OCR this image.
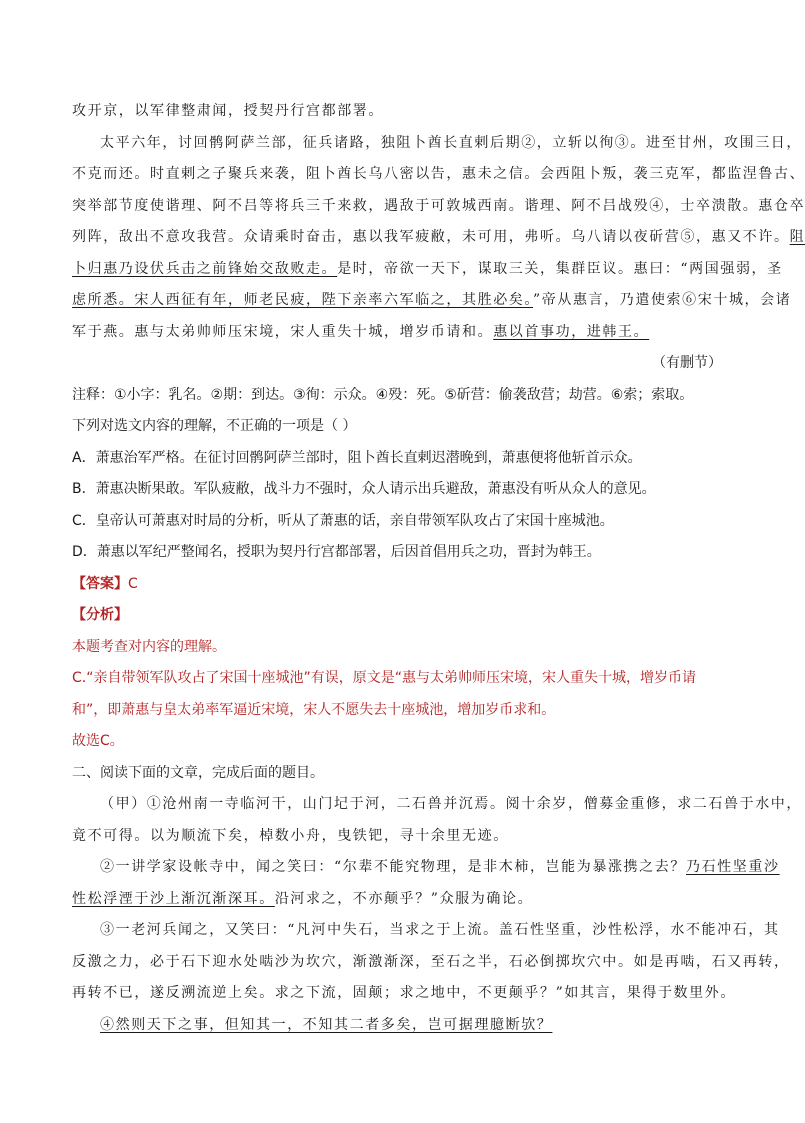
攻开京，以军律整肃闻，授契丹行宫都部署。
太平六年，讨回鹘阿萨兰部，征兵诸路，独阻卜酋长直剌后期②，立斩以徇③。进至甘州，攻围三日，
不克而还。时直剌之子聚兵来袭，阻卜酋长乌八密以告，惠未之信。会西阻卜叛，袭三克军，都监涅鲁古、
突举部节度使谐理、阿不吕等将兵三千来救，遇敌于可敦城西南。谐理、阿不吕战殁④，士卒溃散。惠仓卒
列阵，敌出不意攻我营。众请乘时奋击，惠以我军疲敝，未可用，弗听。乌八请以夜斫营⑤，惠又不许。阻
卜归惠乃设伏兵击之前锋始交敌败走。是时，帝欲一天下，谋取三关，集群臣议。惠曰：“两国强弱，圣
虑所悉。宋人西征有年，师老民疲，陛下亲率六军临之，其胜必矣。”帝从惠言，乃遣使索⑥宋十城，会诸
军于燕。惠与太弟帅师压宋境，宋人重失十城，增岁币请和。惠以首事功，进韩王。
（有删节）
注释：①小字：乳名。②期：到达。③徇：示众。④殁：死。⑤斫营：偷袭敌营；劫营。⑥索；索取。
下列对选文内容的理解，不正确的一项是（ ）
A．萧惠治军严格。在征讨回鹘阿萨兰部时，阻卜酋长直剌迟潜晚到，萧惠便将他斩首示众。
B．萧惠决断果敢。军队疲敝，战斗力不强时，众人请示出兵避敌，萧惠没有听从众人的意见。
C．皇帝认可萧惠对时局的分析，听从了萧惠的话，亲自带领军队攻占了宋国十座城池。
D．萧惠以军纪严整闻名，授职为契丹行宫都部署，后因首倡用兵之功，晋封为韩王。
【答案】C
【分析】
本题考查对内容的理解。
C.“亲自带领军队攻占了宋国十座城池”有误，原文是“惠与太弟帅师压宋境，宋人重失十城，增岁币请
和”，即萧惠与皇太弟率军逼近宋境，宋人不愿失去十座城池，增加岁币求和。
故选C。
二、阅读下面的文章，完成后面的题目。
（甲）①沧州南一寺临河干，山门圮于河，二石兽并沉焉。阅十余岁，僧募金重修，求二石兽于水中，
竟不可得。以为顺流下矣，棹数小舟，曳铁钯，寻十余里无迹。
②一讲学家设帐寺中，闻之笑曰：“尔辈不能究物理，是非木柿，岂能为暴涨携之去？乃石性坚重沙
性松浮湮于沙上渐沉渐深耳。沿河求之，不亦颠乎？”众服为确论。
③一老河兵闻之，又笑曰：“凡河中失石，当求之于上流。盖石性坚重，沙性松浮，水不能冲石，其
反激之力，必于石下迎水处啮沙为坎穴，渐激渐深，至石之半，石必倒掷坎穴中。如是再啮，石又再转，
再转不已，遂反溯流逆上矣。求之下流，固颠；求之地中，不更颠乎？”如其言，果得于数里外。
④然则天下之事，但知其一，不知其二者多矣，岂可据理臆断欤？
